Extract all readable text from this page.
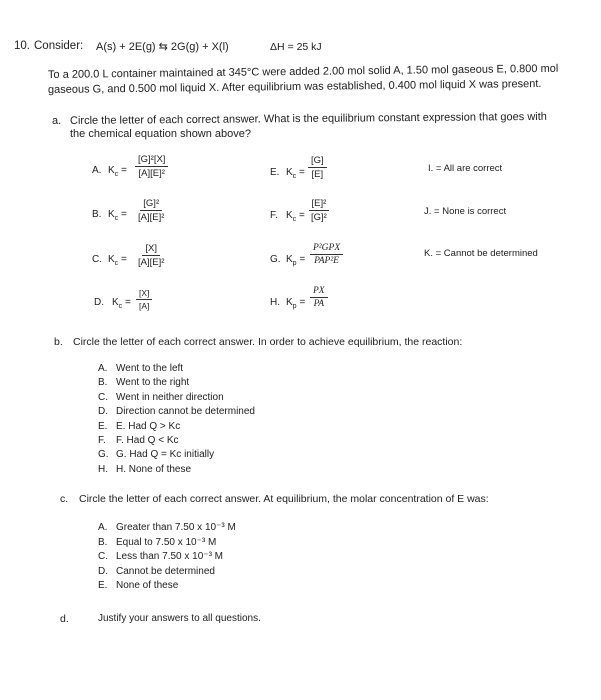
10. Consider: A(s) + 2E(g) ⇆ 2G(g) + X(l)	ΔH = 25 kJ
To a 200.0 L container maintained at 345°C were added 2.00 mol solid A, 1.50 mol gaseous E, 0.800 mol
gaseous G, and 0.500 mol liquid X. After equilibrium was established, 0.400 mol liquid X was present.
a. Circle the letter of each correct answer. What is the equilibrium constant expression that goes with
the chemical equation shown above?
A. $K_c = \frac{\text{[G]²[X]}}{\text{[A][E]²}}$
B. $K_c = \frac{\text{[G]²}}{\text{[A][E]²}}$
C. $K_c = \frac{[X]}{\text{[A][E]²}}$
D. $K_c = \frac{[X]}{[A]}$
E. $K_c = \frac{[G]}{[E]}$
F. $K_c = \frac{\text{[E]²}}{\text{[G]²}}$
G. $K_p$ =
P²GPX
PAP²E
H. $K_p = \frac{PX}{PA}$
I. = All are correct
J. = None is correct
K. = Cannot be determined
b. Circle the letter of each correct answer. In order to achieve equilibrium, the reaction:
A. Went to the left
B. Went to the right
C. Went in neither direction
D. Direction cannot be determined
E. E. Had Q > Kc
F. F. Had Q < Kc
G. G. Had Q = Kc initially
H. H. None of these
c. Circle the letter of each correct answer. At equilibrium, the molar concentration of E was:
A. Greater than 7.50 x 10⁻³ M
B. Equal to 7.50 x 10⁻³ M
C. Less than 7.50 x 10⁻³ M
D. Cannot be determined
E. None of these
d.	Justify your answers to all questions.
